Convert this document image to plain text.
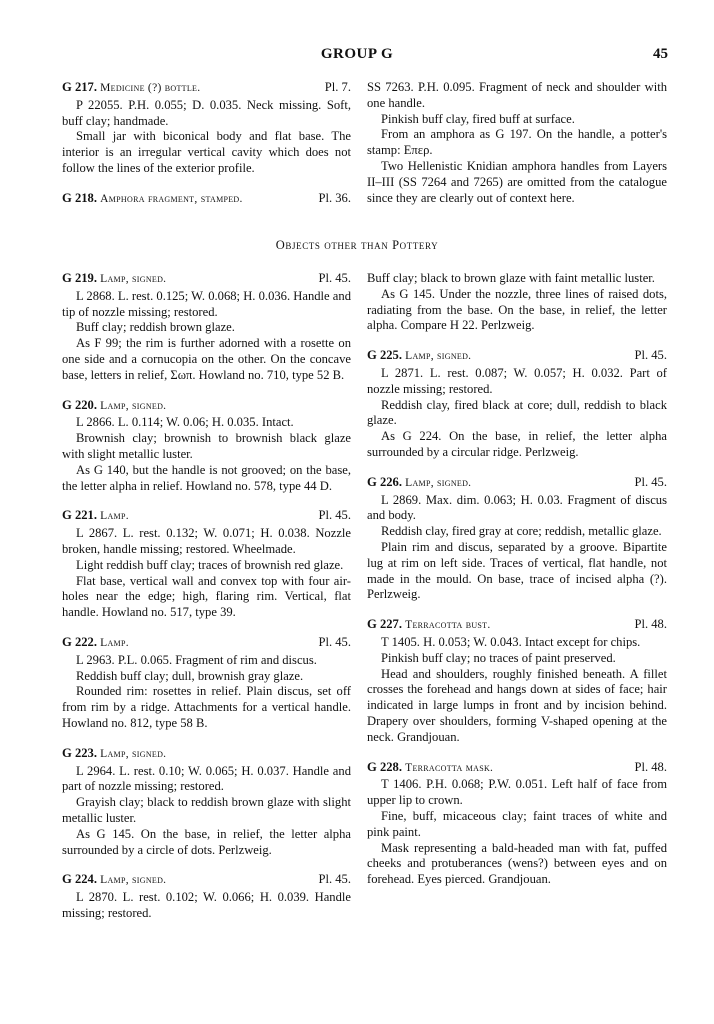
GROUP G	45
G 217. Medicine (?) bottle.	Pl. 7.

P 22055. P.H. 0.055; D. 0.035. Neck missing. Soft, buff clay; handmade.

Small jar with biconical body and flat base. The interior is an irregular vertical cavity which does not follow the lines of the exterior profile.

G 218. Amphora fragment, stamped.	Pl. 36.

SS 7263. P.H. 0.095. Fragment of neck and shoulder with one handle.

Pinkish buff clay, fired buff at surface.

From an amphora as G 197. On the handle, a potter's stamp: Επερ.

Two Hellenistic Knidian amphora handles from Layers II–III (SS 7264 and 7265) are omitted from the catalogue since they are clearly out of context here.

Objects other than Pottery
G 219. Lamp, signed.	Pl. 45.

L 2868. L. rest. 0.125; W. 0.068; H. 0.036. Handle and tip of nozzle missing; restored.

Buff clay; reddish brown glaze.

As F 99; the rim is further adorned with a rosette on one side and a cornucopia on the other. On the concave base, letters in relief, Σωπ. Howland no. 710, type 52 B.

G 220. Lamp, signed.

L 2866. L. 0.114; W. 0.06; H. 0.035. Intact.

Brownish clay; brownish to brownish black glaze with slight metallic luster.

As G 140, but the handle is not grooved; on the base, the letter alpha in relief. Howland no. 578, type 44 D.

G 221. Lamp.	Pl. 45.

L 2867. L. rest. 0.132; W. 0.071; H. 0.038. Nozzle broken, handle missing; restored. Wheelmade.

Light reddish buff clay; traces of brownish red glaze.

Flat base, vertical wall and convex top with four air-holes near the edge; high, flaring rim. Vertical, flat handle. Howland no. 517, type 39.

G 222. Lamp.	Pl. 45.

L 2963. P.L. 0.065. Fragment of rim and discus.

Reddish buff clay; dull, brownish gray glaze.

Rounded rim: rosettes in relief. Plain discus, set off from rim by a ridge. Attachments for a vertical handle. Howland no. 812, type 58 B.

G 223. Lamp, signed.

L 2964. L. rest. 0.10; W. 0.065; H. 0.037. Handle and part of nozzle missing; restored.

Grayish clay; black to reddish brown glaze with slight metallic luster.

As G 145. On the base, in relief, the letter alpha surrounded by a circle of dots. Perlzweig.

G 224. Lamp, signed.	Pl. 45.

L 2870. L. rest. 0.102; W. 0.066; H. 0.039. Handle missing; restored.

Buff clay; black to brown glaze with faint metallic luster.

As G 145. Under the nozzle, three lines of raised dots, radiating from the base. On the base, in relief, the letter alpha. Compare H 22. Perlzweig.

G 225. Lamp, signed.	Pl. 45.

L 2871. L. rest. 0.087; W. 0.057; H. 0.032. Part of nozzle missing; restored.

Reddish clay, fired black at core; dull, reddish to black glaze.

As G 224. On the base, in relief, the letter alpha surrounded by a circular ridge. Perlzweig.

G 226. Lamp, signed.	Pl. 45.

L 2869. Max. dim. 0.063; H. 0.03. Fragment of discus and body.

Reddish clay, fired gray at core; reddish, metallic glaze.

Plain rim and discus, separated by a groove. Bipartite lug at rim on left side. Traces of vertical, flat handle, not made in the mould. On base, trace of incised alpha (?). Perlzweig.

G 227. Terracotta bust.	Pl. 48.

T 1405. H. 0.053; W. 0.043. Intact except for chips.

Pinkish buff clay; no traces of paint preserved.

Head and shoulders, roughly finished beneath. A fillet crosses the forehead and hangs down at sides of face; hair indicated in large lumps in front and by incision behind. Drapery over shoulders, forming V-shaped opening at the neck. Grandjouan.

G 228. Terracotta mask.	Pl. 48.

T 1406. P.H. 0.068; P.W. 0.051. Left half of face from upper lip to crown.

Fine, buff, micaceous clay; faint traces of white and pink paint.

Mask representing a bald-headed man with fat, puffed cheeks and protuberances (wens?) between eyes and on forehead. Eyes pierced. Grandjouan.
